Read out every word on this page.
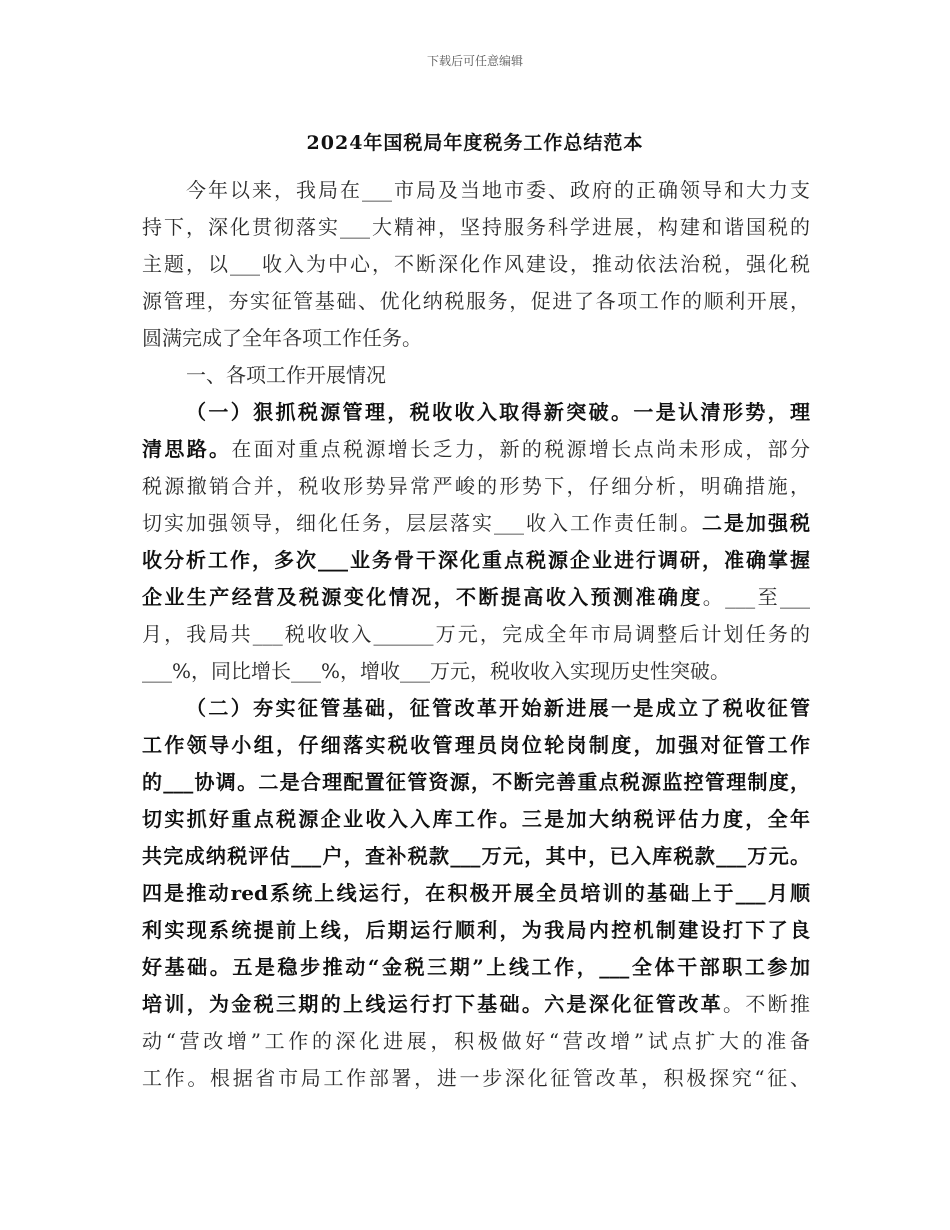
下载后可任意编辑
2024年国税局年度税务工作总结范本
今年以来，我局在___市局及当地市委、政府的正确领导和大力支
持下，深化贯彻落实___大精神，坚持服务科学进展，构建和谐国税的
主题，以___收入为中心，不断深化作风建设，推动依法治税，强化税
源管理，夯实征管基础、优化纳税服务，促进了各项工作的顺利开展，
圆满完成了全年各项工作任务。
一、各项工作开展情况
（一）狠抓税源管理，税收收入取得新突破。一是认清形势，理
清思路。在面对重点税源增长乏力，新的税源增长点尚未形成，部分
税源撤销合并，税收形势异常严峻的形势下，仔细分析，明确措施，
切实加强领导，细化任务，层层落实___收入工作责任制。二是加强税
收分析工作，多次___业务骨干深化重点税源企业进行调研，准确掌握
企业生产经营及税源变化情况，不断提高收入预测准确度。___至___
月，我局共___税收收入______万元，完成全年市局调整后计划任务的
___%，同比增长___%，增收___万元，税收收入实现历史性突破。
（二）夯实征管基础，征管改革开始新进展一是成立了税收征管
工作领导小组，仔细落实税收管理员岗位轮岗制度，加强对征管工作
的___协调。二是合理配置征管资源，不断完善重点税源监控管理制度，
切实抓好重点税源企业收入入库工作。三是加大纳税评估力度，全年
共完成纳税评估___户，查补税款___万元，其中，已入库税款___万元。
四是推动red系统上线运行，在积极开展全员培训的基础上于___月顺
利实现系统提前上线，后期运行顺利，为我局内控机制建设打下了良
好基础。五是稳步推动“金税三期”上线工作，___全体干部职工参加
培训，为金税三期的上线运行打下基础。六是深化征管改革。不断推
动“营改增”工作的深化进展，积极做好“营改增”试点扩大的准备
工作。根据省市局工作部署，进一步深化征管改革，积极探究“征、
